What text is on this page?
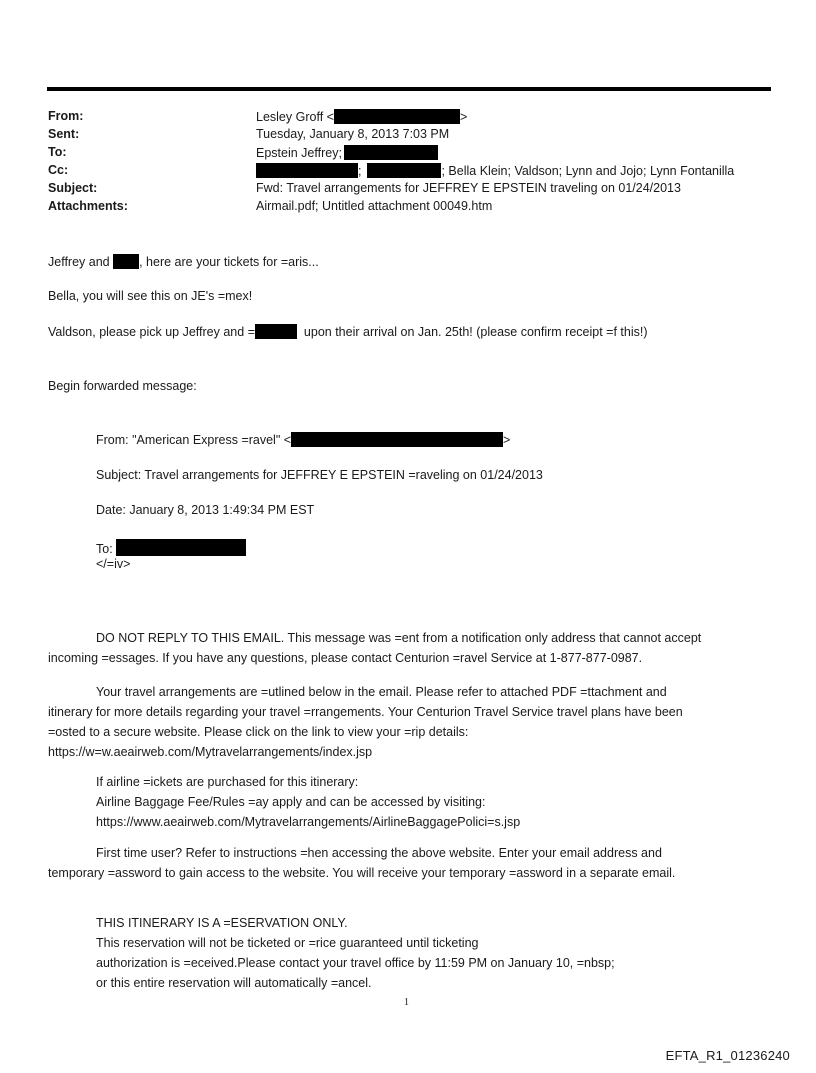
From:	Lesley Groff <	>
Sent:	Tuesday, January 8, 2013 7:03 PM
To:	Epstein Jeffrey;
Cc:	;	; Bella Klein; Valdson; Lynn and Jojo; Lynn Fontanilla
Subject:	Fwd: Travel arrangements for JEFFREY E EPSTEIN traveling on 01/24/2013
Attachments:	Airmail.pdf; Untitled attachment 00049.htm
Jeffrey and , here are your tickets for =aris...
Bella, you will see this on JE's =mex!
Valdson, please pick up Jeffrey and =	upon their arrival on Jan. 25th! (please confirm receipt =f this!)
Begin forwarded message:
From: "American Express =ravel" <	>
Subject: Travel arrangements for JEFFREY E EPSTEIN =raveling on 01/24/2013
Date: January 8, 2013 1:49:34 PM EST
To:
</=iv>
DO NOT REPLY TO THIS EMAIL. This message was =ent from a notification only address that cannot accept
incoming =essages. If you have any questions, please contact Centurion =ravel Service at 1-877-877-0987.
Your travel arrangements are =utlined below in the email. Please refer to attached PDF =ttachment and
itinerary for more details regarding your travel =rrangements. Your Centurion Travel Service travel plans have been
=osted to a secure website. Please click on the link to view your =rip details:
https://w=w.aeairweb.com/Mytravelarrangements/index.jsp
If airline =ickets are purchased for this itinerary:
Airline Baggage Fee/Rules =ay apply and can be accessed by visiting:
https://www.aeairweb.com/Mytravelarrangements/AirlineBaggagePolici=s.jsp
First time user? Refer to instructions =hen accessing the above website. Enter your email address and
temporary =assword to gain access to the website. You will receive your temporary =assword in a separate email.
THIS ITINERARY IS A =ESERVATION ONLY.
This reservation will not be ticketed or =rice guaranteed until ticketing
authorization is =eceived.Please contact your travel office by 11:59 PM on January 10, =nbsp;
or this entire reservation will automatically =ancel.
1
EFTA_R1_01236240
